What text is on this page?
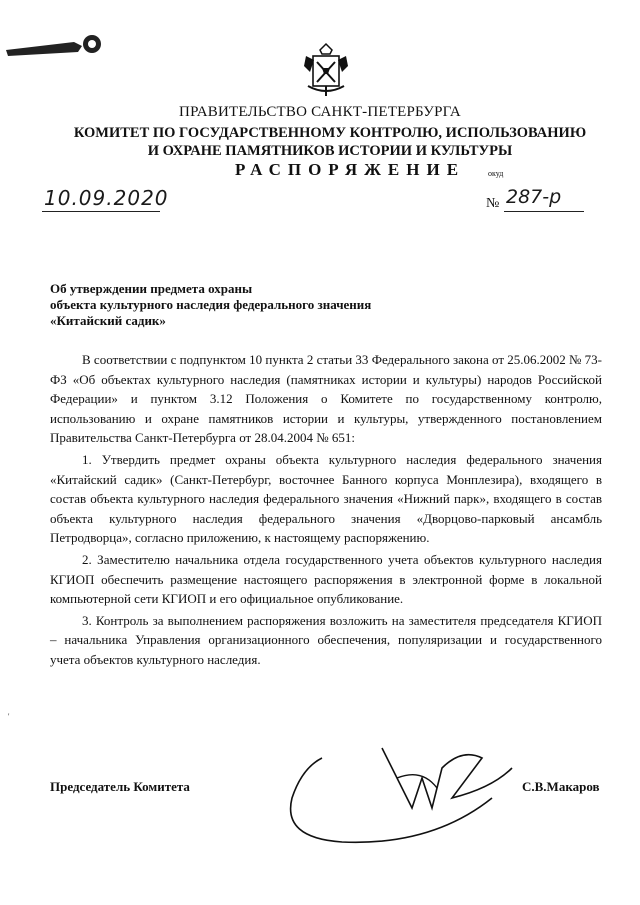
ПРАВИТЕЛЬСТВО САНКТ-ПЕТЕРБУРГА
КОМИТЕТ ПО ГОСУДАРСТВЕННОМУ КОНТРОЛЮ, ИСПОЛЬЗОВАНИЮ
И ОХРАНЕ ПАМЯТНИКОВ ИСТОРИИ И КУЛЬТУРЫ
РАСПОРЯЖЕНИЕ	окуд
10.09.2020	№ 287-р
Об утверждении предмета охраны
объекта культурного наследия федерального значения
«Китайский садик»

В соответствии с подпунктом 10 пункта 2 статьи 33 Федерального закона от 25.06.2002 № 73-ФЗ «Об объектах культурного наследия (памятниках истории и культуры) народов Российской Федерации» и пунктом 3.12 Положения о Комитете по государственному контролю, использованию и охране памятников истории и культуры, утвержденного постановлением Правительства Санкт-Петербурга от 28.04.2004 № 651:

1. Утвердить предмет охраны объекта культурного наследия федерального значения «Китайский садик» (Санкт-Петербург, восточнее Банного корпуса Монплезира), входящего в состав объекта культурного наследия федерального значения «Нижний парк», входящего в состав объекта культурного наследия федерального значения «Дворцово-парковый ансамбль Петродворца», согласно приложению, к настоящему распоряжению.

2. Заместителю начальника отдела государственного учета объектов культурного наследия КГИОП обеспечить размещение настоящего распоряжения в электронной форме в локальной компьютерной сети КГИОП и его официальное опубликование.

3. Контроль за выполнением распоряжения возложить на заместителя председателя КГИОП – начальника Управления организационного обеспечения, популяризации и государственного учета объектов культурного наследия.

'
Председатель Комитета	С.В.Макаров
